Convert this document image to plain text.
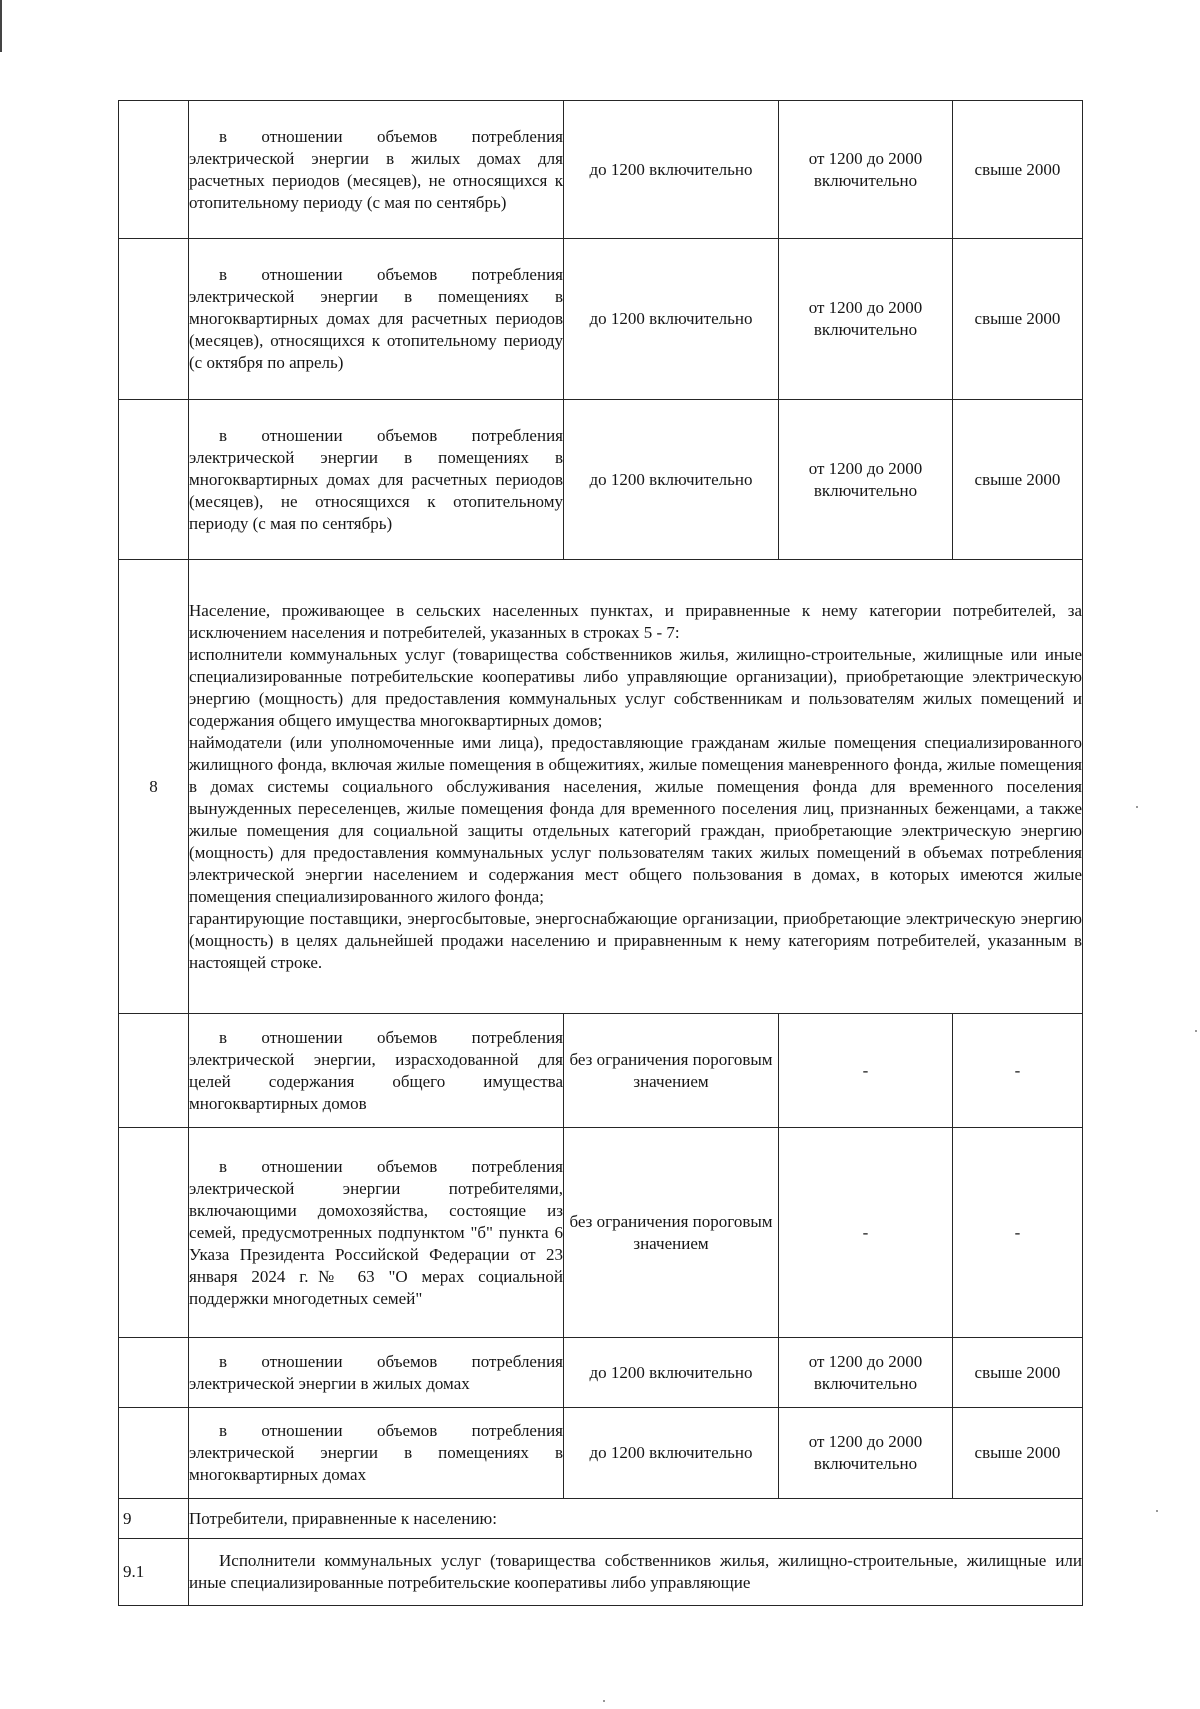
	в отношении объемов потребления электрической энергии в жилых домах для расчетных периодов (месяцев), не относящихся к отопительному периоду (с мая по сентябрь)	до 1200 включительно	от 1200 до 2000 включительно	свыше 2000

	в отношении объемов потребления электрической энергии в помещениях в многоквартирных домах для расчетных периодов (месяцев), относящихся к отопительному периоду (с октября по апрель)	до 1200 включительно	от 1200 до 2000 включительно	свыше 2000

	в отношении объемов потребления электрической энергии в помещениях в многоквартирных домах для расчетных периодов (месяцев), не относящихся к отопительному периоду (с мая по сентябрь)	до 1200 включительно	от 1200 до 2000 включительно	свыше 2000
8	Население, проживающее в сельских населенных пунктах, и приравненные к нему категории потребителей, за исключением населения и потребителей, указанных в строках 5 - 7:

исполнители коммунальных услуг (товарищества собственников жилья, жилищно-строительные, жилищные или иные специализированные потребительские кооперативы либо управляющие организации), приобретающие электрическую энергию (мощность) для предоставления коммунальных услуг собственникам и пользователям жилых помещений и содержания общего имущества многоквартирных домов;

наймодатели (или уполномоченные ими лица), предоставляющие гражданам жилые помещения специализированного жилищного фонда, включая жилые помещения в общежитиях, жилые помещения маневренного фонда, жилые помещения в домах системы социального обслуживания населения, жилые помещения фонда для временного поселения вынужденных переселенцев, жилые помещения фонда для временного поселения лиц, признанных беженцами, а также жилые помещения для социальной защиты отдельных категорий граждан, приобретающие электрическую энергию (мощность) для предоставления коммунальных услуг пользователям таких жилых помещений в объемах потребления электрической энергии населением и содержания мест общего пользования в домах, в которых имеются жилые помещения специализированного жилого фонда;

гарантирующие поставщики, энергосбытовые, энергоснабжающие организации, приобретающие электрическую энергию (мощность) в целях дальнейшей продажи населению и приравненным к нему категориям потребителей, указанным в настоящей строке.			

	в отношении объемов потребления электрической энергии, израсходованной для целей содержания общего имущества многоквартирных домов	без ограничения пороговым значением	-	-

	в отношении объемов потребления электрической энергии потребителями, включающими домохозяйства, состоящие из семей, предусмотренных подпунктом "б" пункта 6 Указа Президента Российской Федерации от 23 января 2024 г.№ 63 "О мерах социальной поддержки многодетных семей"	без ограничения пороговым значением	-	-

	в отношении объемов потребления электрической энергии в жилых домах	до 1200 включительно	от 1200 до 2000 включительно	свыше 2000

	в отношении объемов потребления электрической энергии в помещениях в многоквартирных домах	до 1200 включительно	от 1200 до 2000 включительно	свыше 2000
9	Потребители, приравненные к населению:			
9.1	Исполнители коммунальных услуг (товарищества собственников жилья, жилищно-строительные, жилищные или иные специализированные потребительские кооперативы либо управляющие			
